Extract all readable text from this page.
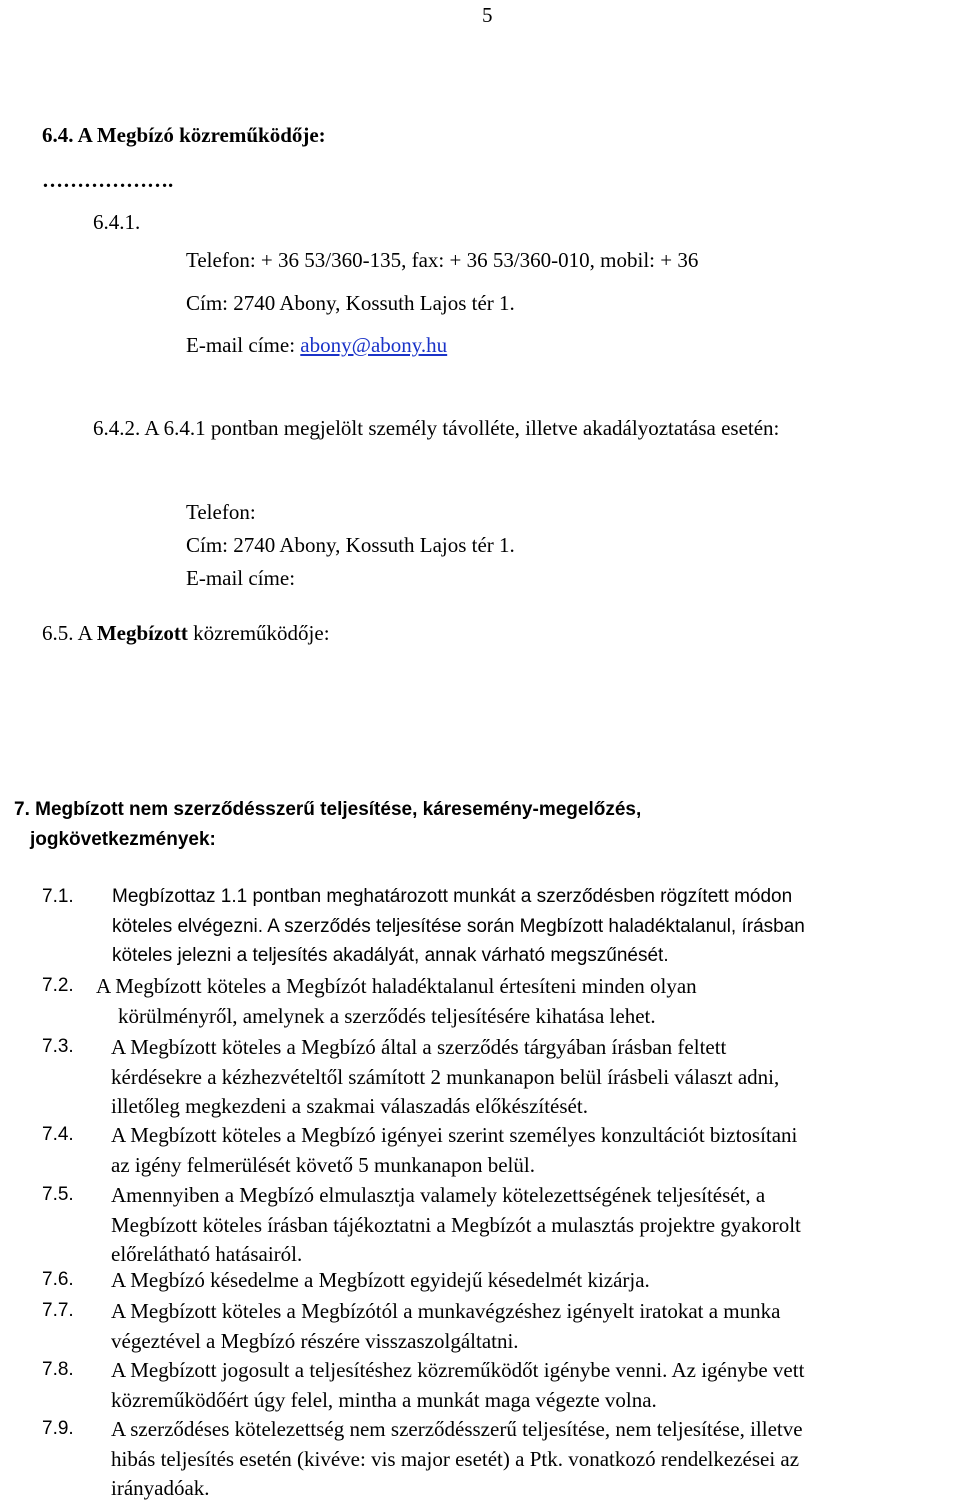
5
6.4. A Megbízó közreműködője:
……………….
6.4.1.
Telefon: + 36 53/360-135, fax: + 36 53/360-010, mobil: + 36
Cím: 2740 Abony, Kossuth Lajos tér 1.
E-mail címe: abony@abony.hu
6.4.2. A 6.4.1 pontban megjelölt személy távolléte, illetve akadályoztatása esetén:
Telefon:
Cím: 2740 Abony, Kossuth Lajos tér 1.
E-mail címe:
6.5. A Megbízott közreműködője:
7. Megbízott nem szerződésszerű teljesítése, káresemény-megelőzés,
jogkövetkezmények:
7.1. Megbízottaz 1.1 pontban meghatározott munkát a szerződésben rögzített módon
köteles elvégezni. A szerződés teljesítése során Megbízott haladéktalanul, írásban
köteles jelezni a teljesítés akadályát, annak várható megszűnését.
7.2. A Megbízott köteles a Megbízót haladéktalanul értesíteni minden olyan
körülményről, amelynek a szerződés teljesítésére kihatása lehet.
7.3. A Megbízott köteles a Megbízó által a szerződés tárgyában írásban feltett
kérdésekre a kézhezvételtől számított 2 munkanapon belül írásbeli választ adni,
illetőleg megkezdeni a szakmai válaszadás előkészítését.
7.4. A Megbízott köteles a Megbízó igényei szerint személyes konzultációt biztosítani
az igény felmerülését követő 5 munkanapon belül.
7.5. Amennyiben a Megbízó elmulasztja valamely kötelezettségének teljesítését, a
Megbízott köteles írásban tájékoztatni a Megbízót a mulasztás projektre gyakorolt
előrelátható hatásairól.
7.6. A Megbízó késedelme a Megbízott egyidejű késedelmét kizárja.
7.7. A Megbízott köteles a Megbízótól a munkavégzéshez igényelt iratokat a munka
végeztével a Megbízó részére visszaszolgáltatni.
7.8. A Megbízott jogosult a teljesítéshez közreműködőt igénybe venni. Az igénybe vett
közreműködőért úgy felel, mintha a munkát maga végezte volna.
7.9. A szerződéses kötelezettség nem szerződésszerű teljesítése, nem teljesítése, illetve
hibás teljesítés esetén (kivéve: vis major esetét) a Ptk. vonatkozó rendelkezései az
irányadóak.
